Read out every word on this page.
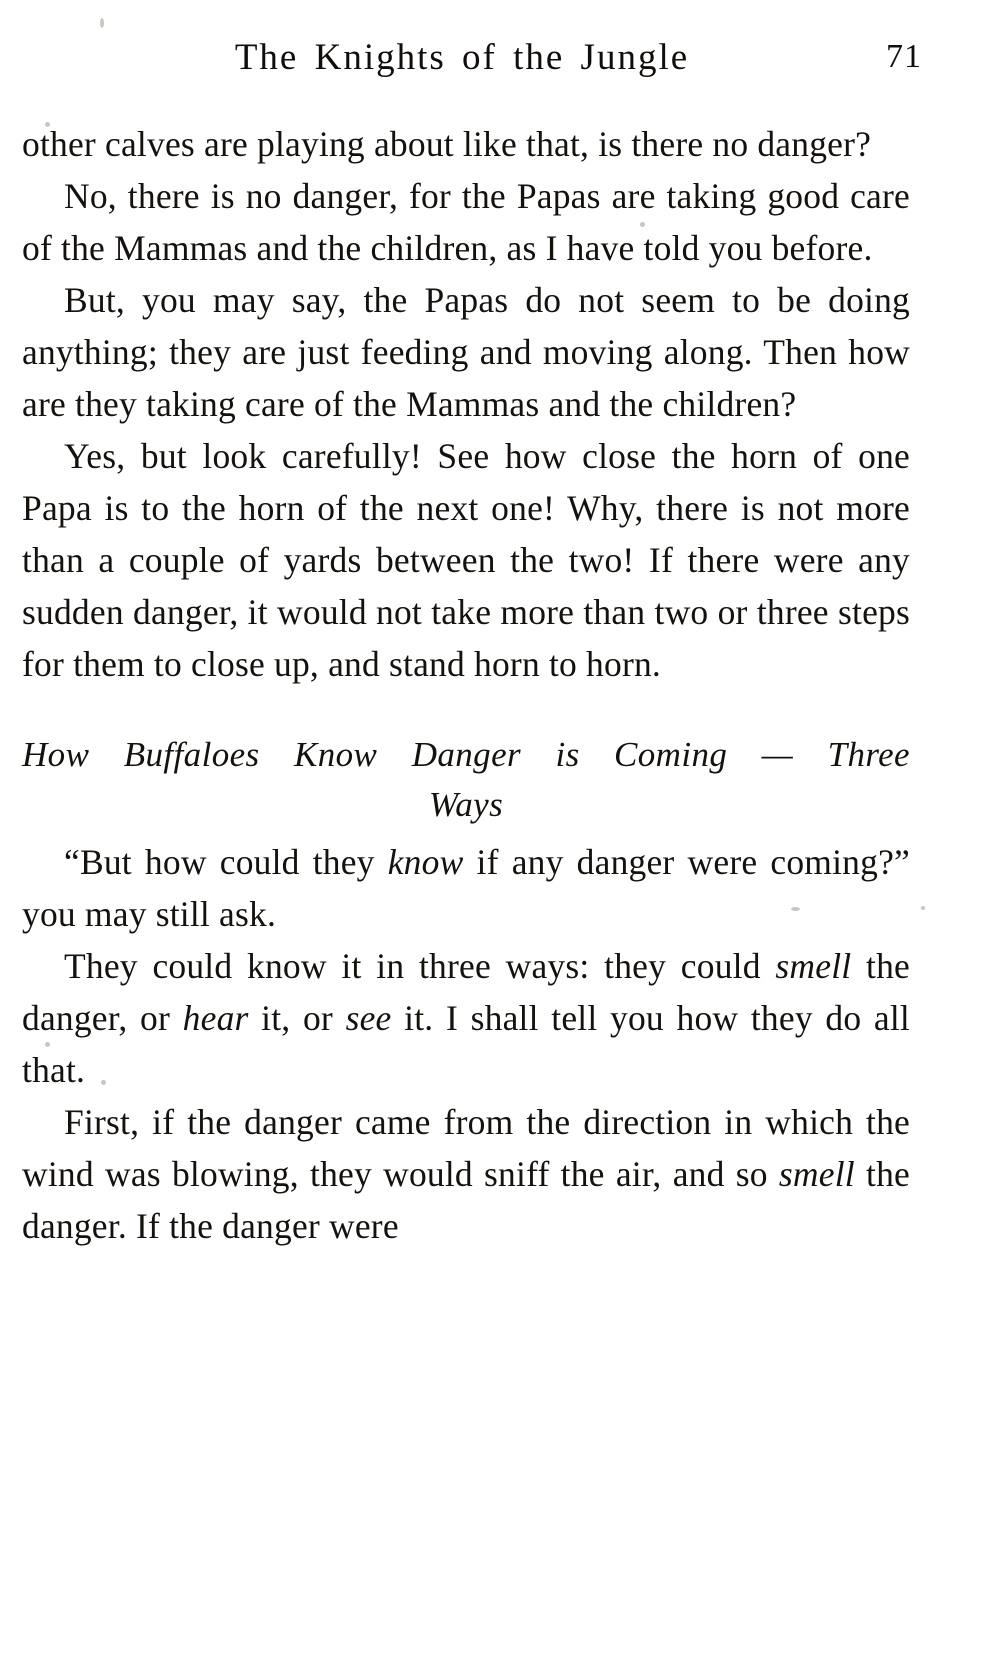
The Knights of the Jungle	71

other calves are playing about like that, is there no danger?

No, there is no danger, for the Papas are taking good care of the Mammas and the children, as I have told you before.

But, you may say, the Papas do not seem to be doing anything; they are just feeding and moving along. Then how are they taking care of the Mammas and the children?

Yes, but look carefully! See how close the horn of one Papa is to the horn of the next one! Why, there is not more than a couple of yards between the two! If there were any sudden danger, it would not take more than two or three steps for them to close up, and stand horn to horn.

How Buffaloes Know Danger is Coming — Three
Ways

“But how could they know if any danger were coming?” you may still ask.

They could know it in three ways: they could smell the danger, or hear it, or see it. I shall tell you how they do all that.

First, if the danger came from the direction in which the wind was blowing, they would sniff the air, and so smell the danger. If the danger were
